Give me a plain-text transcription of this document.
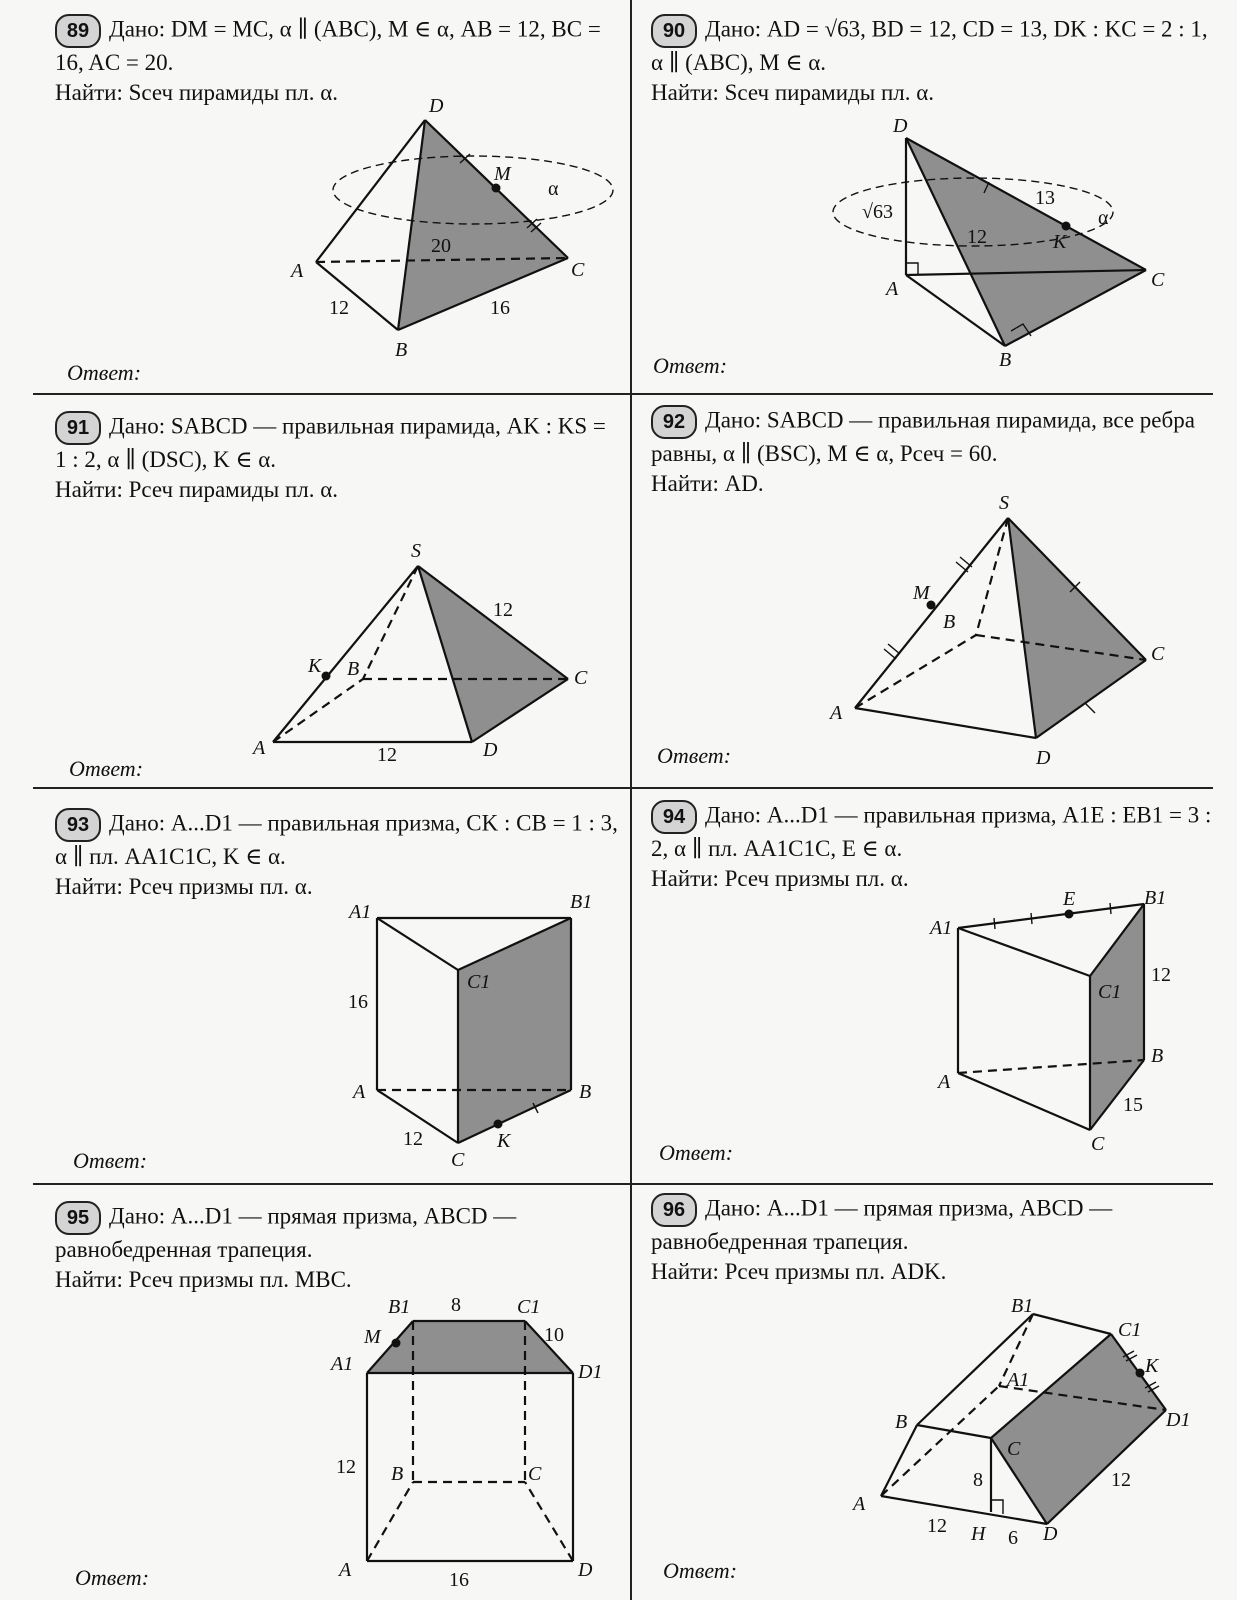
89 Дано: DM = MC, α ∥ (ABC), M ∈ α, AB = 12, BC = 16, AC = 20.
Найти: Sсеч пирамиды пл. α.
D
M
α
A
B
C
12	16
20
Ответ:
90 Дано: AD = √63, BD = 12, CD = 13, DK : KC = 2 : 1, α ∥ (ABC), M ∈ α.
Найти: Sсеч пирамиды пл. α.
D
A
B
C
K
α
√63
12
13
Ответ:
91 Дано: SABCD — правильная пирамида, AK : KS = 1 : 2, α ∥ (DSC), K ∈ α.
Найти: Pсеч пирамиды пл. α.
S
K B	C
A	D
12
12
Ответ:
92 Дано: SABCD — правильная пирамида, все ребра равны, α ∥ (BSC), M ∈ α, Pсеч = 60.
Найти: AD.
S
M
B
C
A
D
Ответ:
93 Дано: A...D1 — правильная призма, CK : CB = 1 : 3, α ∥ пл. AA1C1C, K ∈ α.
Найти: Pсеч призмы пл. α.
A1	B1
C1
A	B
C
K
16
12
Ответ:
94 Дано: A...D1 — правильная призма, A1E : EB1 = 3 : 2, α ∥ пл. AA1C1C, E ∈ α.
Найти: Pсеч призмы пл. α.
A1
B1
C1
E
A
B
C
12
15
Ответ:
95 Дано: A...D1 — прямая призма, ABCD — равнобедренная трапеция.
Найти: Pсеч призмы пл. MBC.
B1	C1
M
A1	D1
B	C
A	D
8
10
12
16
Ответ:
96 Дано: A...D1 — прямая призма, ABCD — равнобедренная трапеция.
Найти: Pсеч призмы пл. ADK.
B1
C1
K
A1
D1
B
C
A
H	D
8
12
12
6
Ответ:
